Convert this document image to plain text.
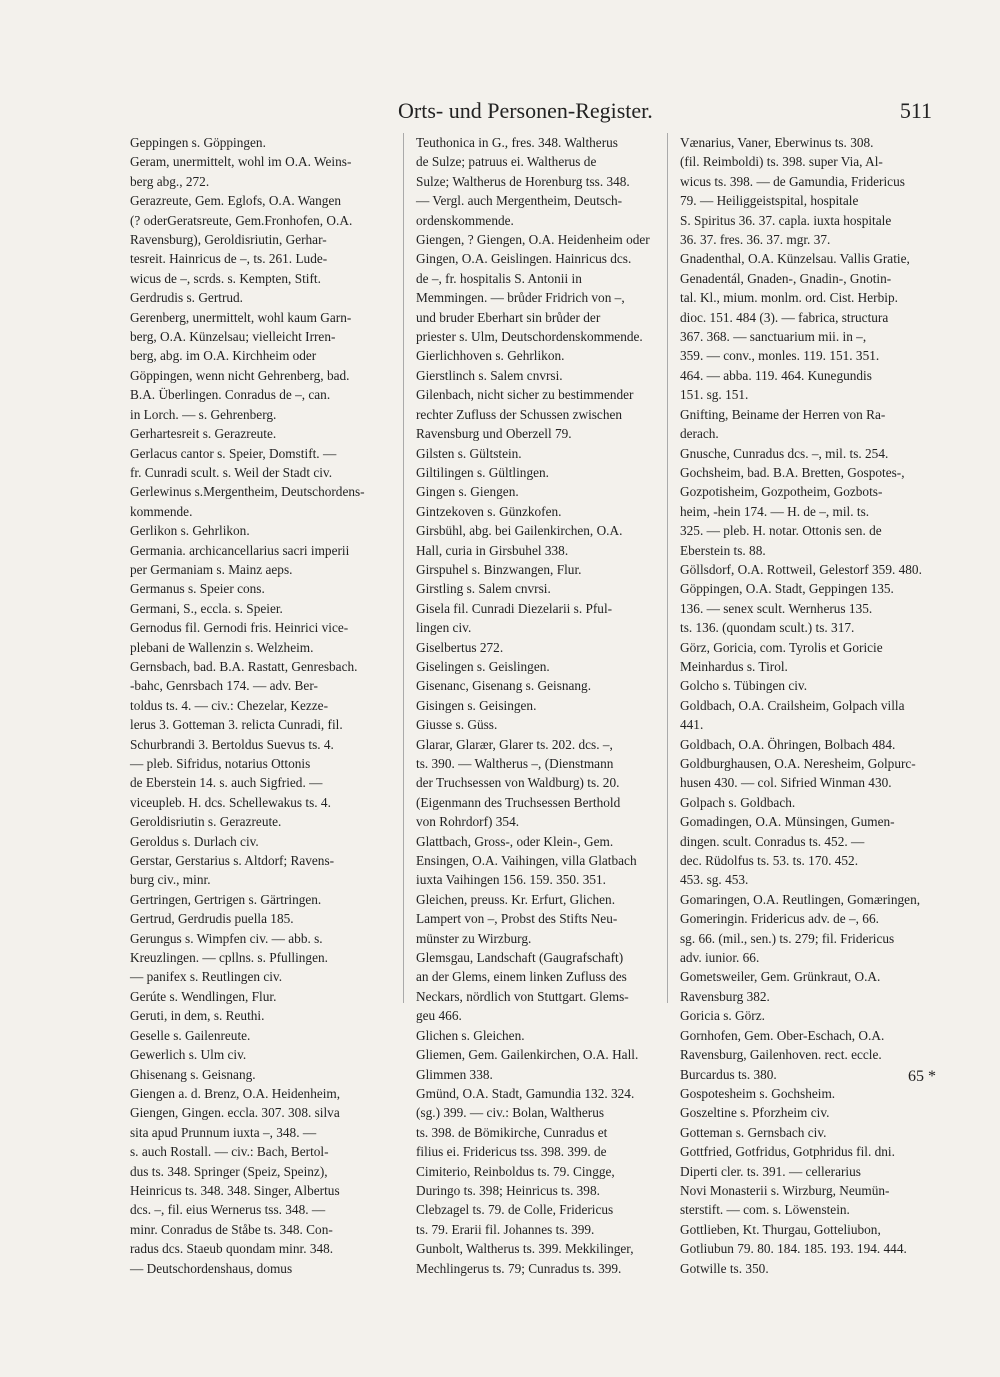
Orts- und Personen-Register.	511
Geppingen s. Göppingen.
Geram, unermittelt, wohl im O.A. Weins-
berg abg., 272.
Gerazreute, Gem. Eglofs, O.A. Wangen
(? oderGeratsreute, Gem.Fronhofen, O.A.
Ravensburg), Geroldisriutin, Gerhar-
tesreit. Hainricus de –, ts. 261. Lude-
wicus de –, scrds. s. Kempten, Stift.
Gerdrudis s. Gertrud.
Gerenberg, unermittelt, wohl kaum Garn-
berg, O.A. Künzelsau; vielleicht Irren-
berg, abg. im O.A. Kirchheim oder
Göppingen, wenn nicht Gehrenberg, bad.
B.A. Überlingen. Conradus de –, can.
in Lorch. — s. Gehrenberg.
Gerhartesreit s. Gerazreute.
Gerlacus cantor s. Speier, Domstift. —
fr. Cunradi scult. s. Weil der Stadt civ.
Gerlewinus s.Mergentheim, Deutschordens-
kommende.
Gerlikon s. Gehrlikon.
Germania. archicancellarius sacri imperii
per Germaniam s. Mainz aeps.
Germanus s. Speier cons.
Germani, S., eccla. s. Speier.
Gernodus fil. Gernodi fris. Heinrici vice-
plebani de Wallenzin s. Welzheim.
Gernsbach, bad. B.A. Rastatt, Genresbach.
-bahc, Genrsbach 174. — adv. Ber-
toldus ts. 4. — civ.: Chezelar, Kezze-
lerus 3. Gotteman 3. relicta Cunradi, fil.
Schurbrandi 3. Bertoldus Suevus ts. 4.
— pleb. Sifridus, notarius Ottonis
de Eberstein 14. s. auch Sigfried. —
viceupleb. H. dcs. Schellewakus ts. 4.
Geroldisriutin s. Gerazreute.
Geroldus s. Durlach civ.
Gerstar, Gerstarius s. Altdorf; Ravens-
burg civ., minr.
Gertringen, Gertrigen s. Gärtringen.
Gertrud, Gerdrudis puella 185.
Gerungus s. Wimpfen civ. — abb. s.
Kreuzlingen. — cpllns. s. Pfullingen.
— panifex s. Reutlingen civ.
Gerúte s. Wendlingen, Flur.
Geruti, in dem, s. Reuthi.
Geselle s. Gailenreute.
Gewerlich s. Ulm civ.
Ghisenang s. Geisnang.
Giengen a. d. Brenz, O.A. Heidenheim,
Giengen, Gingen. eccla. 307. 308. silva
sita apud Prunnum iuxta –, 348. —
s. auch Rostall. — civ.: Bach, Bertol-
dus ts. 348. Springer (Speiz, Speinz),
Heinricus ts. 348. 348. Singer, Albertus
dcs. –, fil. eius Wernerus tss. 348. —
minr. Conradus de Ståbe ts. 348. Con-
radus dcs. Staeub quondam minr. 348.
— Deutschordenshaus, domus
Teuthonica in G., fres. 348. Waltherus
de Sulze; patruus ei. Waltherus de
Sulze; Waltherus de Horenburg tss. 348.
— Vergl. auch Mergentheim, Deutsch-
ordenskommende.
Giengen, ? Giengen, O.A. Heidenheim oder
Gingen, O.A. Geislingen. Hainricus dcs.
de –, fr. hospitalis S. Antonii in
Memmingen. — brůder Fridrich von –,
und bruder Eberhart sin brůder der
priester s. Ulm, Deutschordenskommende.
Gierlichhoven s. Gehrlikon.
Gierstlinch s. Salem cnvrsi.
Gilenbach, nicht sicher zu bestimmender
rechter Zufluss der Schussen zwischen
Ravensburg und Oberzell 79.
Gilsten s. Gültstein.
Giltilingen s. Gültlingen.
Gingen s. Giengen.
Gintzekoven s. Günzkofen.
Girsbühl, abg. bei Gailenkirchen, O.A.
Hall, curia in Girsbuhel 338.
Girspuhel s. Binzwangen, Flur.
Girstling s. Salem cnvrsi.
Gisela fil. Cunradi Diezelarii s. Pful-
lingen civ.
Giselbertus 272.
Giselingen s. Geislingen.
Gisenanc, Gisenang s. Geisnang.
Gisingen s. Geisingen.
Giusse s. Güss.
Glarar, Glarær, Glarer ts. 202. dcs. –,
ts. 390. — Waltherus –, (Dienstmann
der Truchsessen von Waldburg) ts. 20.
(Eigenmann des Truchsessen Berthold
von Rohrdorf) 354.
Glattbach, Gross-, oder Klein-, Gem.
Ensingen, O.A. Vaihingen, villa Glatbach
iuxta Vaihingen 156. 159. 350. 351.
Gleichen, preuss. Kr. Erfurt, Glichen.
Lampert von –, Probst des Stifts Neu-
münster zu Wirzburg.
Glemsgau, Landschaft (Gaugrafschaft)
an der Glems, einem linken Zufluss des
Neckars, nördlich von Stuttgart. Glems-
geu 466.
Glichen s. Gleichen.
Gliemen, Gem. Gailenkirchen, O.A. Hall.
Glimmen 338.
Gmünd, O.A. Stadt, Gamundia 132. 324.
(sg.) 399. — civ.: Bolan, Waltherus
ts. 398. de Bömikirche, Cunradus et
filius ei. Fridericus tss. 398. 399. de
Cimiterio, Reinboldus ts. 79. Cingge,
Duringo ts. 398; Heinricus ts. 398.
Clebzagel ts. 79. de Colle, Fridericus
ts. 79. Erarii fil. Johannes ts. 399.
Gunbolt, Waltherus ts. 399. Mekkilinger,
Mechlingerus ts. 79; Cunradus ts. 399.
Vænarius, Vaner, Eberwinus ts. 308.
(fil. Reimboldi) ts. 398. super Via, Al-
wicus ts. 398. — de Gamundia, Fridericus
79. — Heiliggeistspital, hospitale
S. Spiritus 36. 37. capla. iuxta hospitale
36. 37. fres. 36. 37. mgr. 37.
Gnadenthal, O.A. Künzelsau. Vallis Gratie,
Genadentál, Gnaden-, Gnadin-, Gnotin-
tal. Kl., mium. monlm. ord. Cist. Herbip.
dioc. 151. 484 (3). — fabrica, structura
367. 368. — sanctuarium mii. in –,
359. — conv., monles. 119. 151. 351.
464. — abba. 119. 464. Kunegundis
151. sg. 151.
Gnifting, Beiname der Herren von Ra-
derach.
Gnusche, Cunradus dcs. –, mil. ts. 254.
Gochsheim, bad. B.A. Bretten, Gospotes-,
Gozpotisheim, Gozpotheim, Gozbots-
heim, -hein 174. — H. de –, mil. ts.
325. — pleb. H. notar. Ottonis sen. de
Eberstein ts. 88.
Göllsdorf, O.A. Rottweil, Gelestorf 359. 480.
Göppingen, O.A. Stadt, Geppingen 135.
136. — senex scult. Wernherus 135.
ts. 136. (quondam scult.) ts. 317.
Görz, Goricia, com. Tyrolis et Goricie
Meinhardus s. Tirol.
Golcho s. Tübingen civ.
Goldbach, O.A. Crailsheim, Golpach villa
441.
Goldbach, O.A. Öhringen, Bolbach 484.
Goldburghausen, O.A. Neresheim, Golpurc-
husen 430. — col. Sifried Winman 430.
Golpach s. Goldbach.
Gomadingen, O.A. Münsingen, Gumen-
dingen. scult. Conradus ts. 452. —
dec. Rüdolfus ts. 53. ts. 170. 452.
453. sg. 453.
Gomaringen, O.A. Reutlingen, Gomæringen,
Gomeringin. Fridericus adv. de –, 66.
sg. 66. (mil., sen.) ts. 279; fil. Fridericus
adv. iunior. 66.
Gometsweiler, Gem. Grünkraut, O.A.
Ravensburg 382.
Goricia s. Görz.
Gornhofen, Gem. Ober-Eschach, O.A.
Ravensburg, Gailenhoven. rect. eccle.
Burcardus ts. 380.
Gospotesheim s. Gochsheim.
Goszeltine s. Pforzheim civ.
Gotteman s. Gernsbach civ.
Gottfried, Gotfridus, Gotphridus fil. dni.
Diperti cler. ts. 391. — cellerarius
Novi Monasterii s. Wirzburg, Neumün-
sterstift. — com. s. Löwenstein.
Gottlieben, Kt. Thurgau, Gotteliubon,
Gotliubun 79. 80. 184. 185. 193. 194. 444.
Gotwille ts. 350.
65 *
